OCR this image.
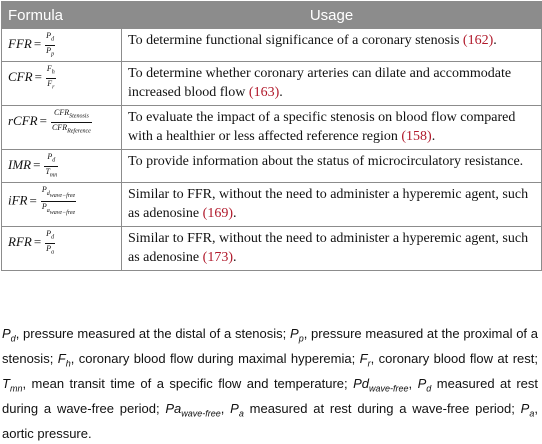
Formula	Usage
FFR = $\frac{P_d}{P_p}$	To determine functional significance of a coronary stenosis (162).
CFR = $\frac{F_h}{F_r}$	To determine whether coronary arteries can dilate and accommodate increased blood flow (163).
rCFR = $\frac{CFR_{Stenosis}}{CFR_{Reference}}$	To evaluate the impact of a specific stenosis on blood flow compared with a healthier or less affected reference region (158).
IMR = $\frac{P_d}{T_{mn}}$	To provide information about the status of microcirculatory resistance.
iFR = $\frac{P_{d_{wave-free}}}{P_{a_{wave-free}}}$	Similar to FFR, without the need to administer a hyperemic agent, such as adenosine (169).
RFR = $\frac{P_d}{P_a}$	Similar to FFR, without the need to administer a hyperemic agent, such as adenosine (173).
$P_d$, pressure measured at the distal of a stenosis; $P_p$, pressure measured at the proximal of a stenosis; $F_h$, coronary blood flow during maximal hyperemia; $F_r$, coronary blood flow at rest; $T_{mn}$, mean transit time of a specific flow and temperature; $Pd_{wave-free}$, $P_d$ measured at rest during a wave-free period; $Pa_{wave-free}$, $P_a$ measured at rest during a wave-free period; $P_a$, aortic pressure.
